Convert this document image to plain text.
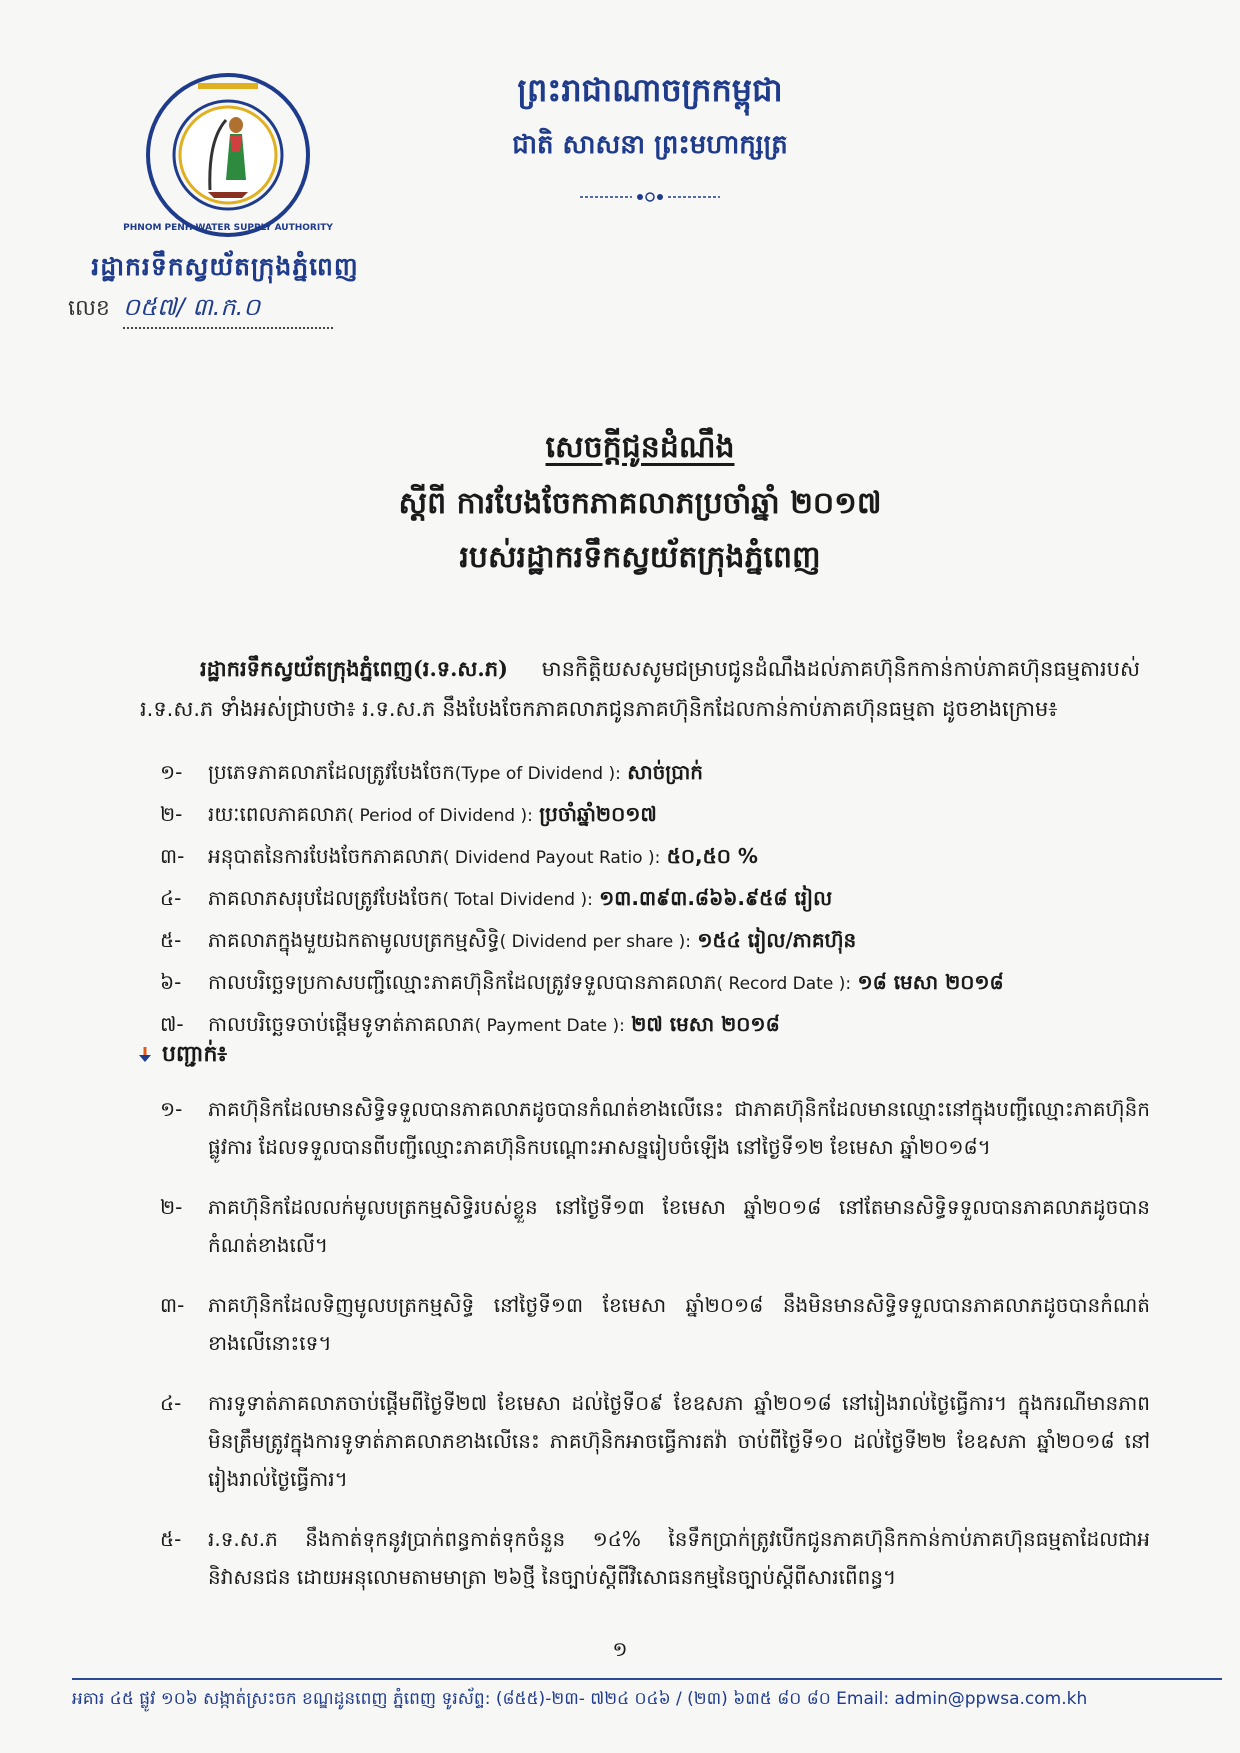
PHNOM PENH WATER SUPPLY AUTHORITY
រដ្ឋាករទឹកស្វយ័តក្រុងភ្នំពេញ
លេខ ០៥៧/ ៣.ក.០
ព្រះរាជាណាចក្រកម្ពុជា
ជាតិ សាសនា ព្រះមហាក្សត្រ
សេចក្ដីជូនដំណឹង
ស្ដីពី ការបែងចែកភាគលាភប្រចាំឆ្នាំ ២០១៧
របស់រដ្ឋាករទឹកស្វយ័តក្រុងភ្នំពេញ

រដ្ឋាករទឹកស្វយ័តក្រុងភ្នំពេញ(រ.ទ.ស.ភ) មានកិត្តិយសសូមជម្រាបជូនដំណឹងដល់ភាគហ៊ុនិកកាន់កាប់ភាគហ៊ុនធម្មតារបស់ រ.ទ.ស.ភ ទាំងអស់ជ្រាបថា៖ រ.ទ.ស.ភ នឹងបែងចែកភាគលាភជូនភាគហ៊ុនិកដែលកាន់កាប់ភាគហ៊ុនធម្មតា ដូចខាងក្រោម៖

១- ប្រភេទភាគលាភដែលត្រូវបែងចែក(Type of Dividend ): សាច់ប្រាក់
២- រយៈពេលភាគលាភ( Period of Dividend ): ប្រចាំឆ្នាំ២០១៧
៣- អនុបាតនៃការបែងចែកភាគលាភ( Dividend Payout Ratio ): ៥០,៥០ %
៤- ភាគលាភសរុបដែលត្រូវបែងចែក( Total Dividend ): ១៣.៣៩៣.៨៦៦.៩៥៨ រៀល
៥- ភាគលាភក្នុងមួយឯកតាមូលបត្រកម្មសិទ្ធិ( Dividend per share ): ១៥៤ រៀល/ភាគហ៊ុន
៦- កាលបរិច្ឆេទប្រកាសបញ្ជីឈ្មោះភាគហ៊ុនិកដែលត្រូវទទួលបានភាគលាភ( Record Date ): ១៨ មេសា ២០១៨
៧- កាលបរិច្ឆេទចាប់ផ្ដើមទូទាត់ភាគលាភ( Payment Date ): ២៧ មេសា ២០១៨
បញ្ជាក់៖
១-	ភាគហ៊ុនិកដែលមានសិទ្ធិទទួលបានភាគលាភដូចបានកំណត់ខាងលើនេះ ជាភាគហ៊ុនិកដែលមានឈ្មោះនៅក្នុងបញ្ជីឈ្មោះភាគហ៊ុនិកផ្លូវការ ដែលទទួលបានពីបញ្ជីឈ្មោះភាគហ៊ុនិកបណ្ដោះអាសន្នរៀបចំឡើង នៅថ្ងៃទី១២ ខែមេសា ឆ្នាំ២០១៨។
២-	ភាគហ៊ុនិកដែលលក់មូលបត្រកម្មសិទ្ធិរបស់ខ្លួន នៅថ្ងៃទី១៣ ខែមេសា ឆ្នាំ២០១៨ នៅតែមានសិទ្ធិទទួលបានភាគលាភដូចបានកំណត់ខាងលើ។
៣-	ភាគហ៊ុនិកដែលទិញមូលបត្រកម្មសិទ្ធិ នៅថ្ងៃទី១៣ ខែមេសា ឆ្នាំ២០១៨ នឹងមិនមានសិទ្ធិទទួលបានភាគលាភដូចបានកំណត់ខាងលើនោះទេ។
៤-	ការទូទាត់ភាគលាភចាប់ផ្ដើមពីថ្ងៃទី២៧ ខែមេសា ដល់ថ្ងៃទី០៩ ខែឧសភា ឆ្នាំ២០១៨ នៅរៀងរាល់ថ្ងៃធ្វើការ។ ក្នុងករណីមានភាពមិនត្រឹមត្រូវក្នុងការទូទាត់ភាគលាភខាងលើនេះ ភាគហ៊ុនិកអាចធ្វើការតវ៉ា ចាប់ពីថ្ងៃទី១០ ដល់ថ្ងៃទី២២ ខែឧសភា ឆ្នាំ២០១៨ នៅរៀងរាល់ថ្ងៃធ្វើការ។
៥-	រ.ទ.ស.ភ នឹងកាត់ទុកនូវប្រាក់ពន្ធកាត់ទុកចំនួន ១៤% នៃទឹកប្រាក់ត្រូវបើកជូនភាគហ៊ុនិកកាន់កាប់ភាគហ៊ុនធម្មតាដែលជាអនិវាសនជន ដោយអនុលោមតាមមាត្រា ២៦ថ្មី នៃច្បាប់ស្ដីពីវិសោធនកម្មនៃច្បាប់ស្ដីពីសារពើពន្ធ។
១
អគារ ៤៥ ផ្លូវ ១០៦ សង្កាត់ស្រះចក ខណ្ឌដូនពេញ ភ្នំពេញ ទូរស័ព្ទ: (៨៥៥)-២៣- ៧២៤ ០៤៦ / (២៣) ៦៣៥ ៨០ ៨០ Email: admin@ppwsa.com.kh
